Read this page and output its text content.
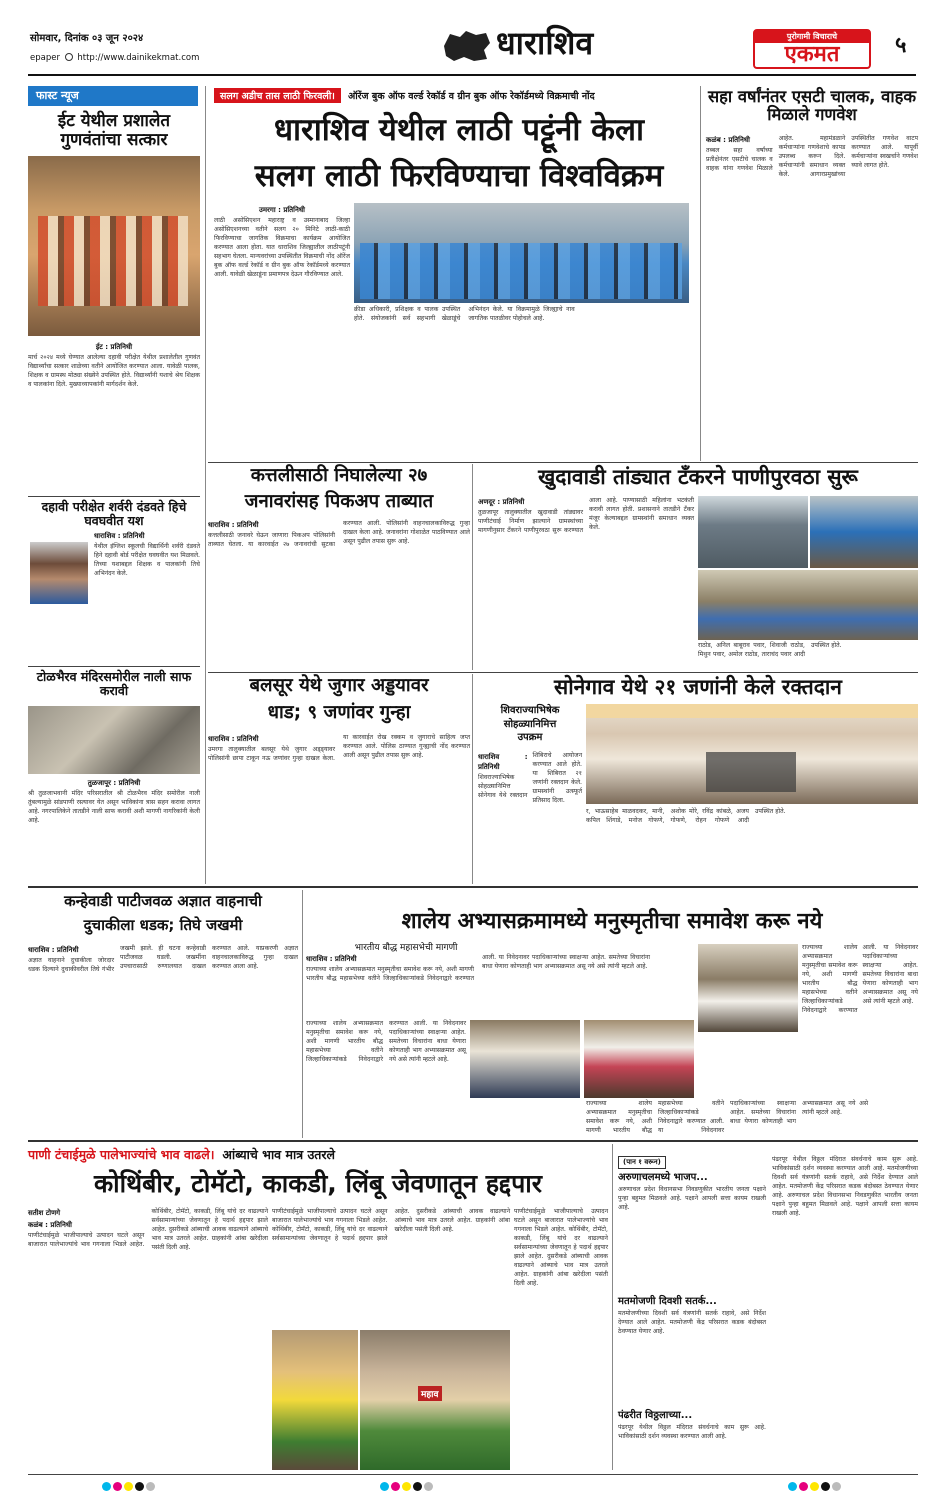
सोमवार, दिनांक ०३ जून २०२४
epaper http://www.dainikekmat.com	धाराशिव	पुरोगामी विचाराचे
एकमत	५
फास्ट न्यूज
ईट येथील प्रशालेत गुणवंतांचा सत्कार
ईट : प्रतिनिधी
मार्च २०२४ मध्ये घेण्यात आलेल्या दहावी परीक्षेत येथील प्रशालेतील गुणवंत विद्यार्थ्यांचा सत्कार शाळेच्या वतीने आयोजित करण्यात आला. यावेळी पालक, शिक्षक व ग्रामस्थ मोठ्या संख्येने उपस्थित होते. विद्यार्थ्यांनी यशाचे श्रेय शिक्षक व पालकांना दिले. मुख्याध्यापकांनी मार्गदर्शन केले.
दहावी परीक्षेत शर्वरी दंडवते हिचे घवघवीत यश
धाराशिव : प्रतिनिधी
येथील इंग्लिश स्कूलची विद्यार्थिनी शर्वरी दंडवते हिने दहावी बोर्ड परीक्षेत घवघवीत यश मिळवले. तिच्या यशाबद्दल शिक्षक व पालकांनी तिचे अभिनंदन केले.
टोळभैरव मंदिरसमोरील नाली साफ करावी
तुळजापूर : प्रतिनिधी
श्री तुळजाभवानी मंदिर परिसरातील श्री टोळभैरव मंदिर समोरील नाली तुंबल्यामुळे सांडपाणी रस्त्यावर येत असून भाविकांना त्रास सहन करावा लागत आहे. नगरपालिकेने तातडीने नाली साफ करावी अशी मागणी नागरिकांनी केली आहे.
सलग अडीच तास लाठी फिरवली। ऑरेंज बुक ऑफ वर्ल्ड रेकॉर्ड व ग्रीन बुक ऑफ रेकॉर्डमध्ये विक्रमाची नोंद
धाराशिव येथील लाठी पट्टूंनी केला
सलग लाठी फिरविण्याचा विश्वविक्रम
उमरगा : प्रतिनिधी
लाठी असोसिएशन महाराष्ट्र व उस्मानाबाद जिल्हा असोसिएशनच्या वतीने सलग २० मिनिटे लाठी-काठी फिरविण्याचा जागतिक विक्रमाचा कार्यक्रम आयोजित करण्यात आला होता. यात धाराशिव जिल्ह्यातील लाठीपटूंनी सहभाग घेतला. मान्यवरांच्या उपस्थितीत विक्रमाची नोंद ऑरेंज बुक ऑफ वर्ल्ड रेकॉर्ड व ग्रीन बुक ऑफ रेकॉर्डमध्ये करण्यात आली. यावेळी खेळाडूंना प्रमाणपत्र देऊन गौरविण्यात आले.
क्रीडा अधिकारी, प्रशिक्षक व पालक उपस्थित होते. संयोजकांनी सर्व सहभागी खेळाडूंचे अभिनंदन केले. या विक्रमामुळे जिल्ह्याचे नाव जागतिक पातळीवर पोहोचले आहे.
सहा वर्षांनंतर एसटी चालक, वाहक मिळाले गणवेश
कळंब : प्रतिनिधी
तब्बल सहा वर्षांच्या प्रतीक्षेनंतर एसटीचे चालक व वाहक यांना गणवेश मिळाले आहेत. महामंडळाने कर्मचाऱ्यांना गणवेशाचे कापड उपलब्ध करून दिले. कर्मचाऱ्यांनी समाधान व्यक्त केले. आगारप्रमुखांच्या उपस्थितीत गणवेश वाटप करण्यात आले. यापूर्वी कर्मचाऱ्यांना स्वखर्चाने गणवेश घ्यावे लागत होते.
कत्तलीसाठी निघालेल्या २७
जनावरांसह पिकअप ताब्यात
धाराशिव : प्रतिनिधी
कत्तलीसाठी जनावरे घेऊन जाणारा पिकअप पोलिसांनी ताब्यात घेतला. या कारवाईत २७ जनावरांची सुटका करण्यात आली. पोलिसांनी वाहनचालकाविरुद्ध गुन्हा दाखल केला आहे. जनावरांना गोशाळेत पाठविण्यात आले असून पुढील तपास सुरू आहे.
खुदावाडी तांड्यात टँकरने पाणीपुरवठा सुरू
अणदूर : प्रतिनिधी
तुळजापूर तालुक्यातील खुदावाडी तांड्यावर पाणीटंचाई निर्माण झाल्याने ग्रामस्थांच्या मागणीनुसार टँकरने पाणीपुरवठा सुरू करण्यात आला आहे. पाण्यासाठी महिलांना भटकंती करावी लागत होती. प्रशासनाने तातडीने टँकर मंजूर केल्याबद्दल ग्रामस्थांनी समाधान व्यक्त केले.
राठोड, अनिल बाबूराव पवार, शिवाजी राठोड, मिथुन पवार, अमोल राठोड, ताराचंद पवार आदी उपस्थित होते.
बलसूर येथे जुगार अड्डयावर
धाड; ९ जणांवर गुन्हा
धाराशिव : प्रतिनिधी
उमरगा तालुक्यातील बलसूर येथे जुगार अड्ड्यावर पोलिसांनी छापा टाकून नऊ जणांवर गुन्हा दाखल केला. या कारवाईत रोख रक्कम व जुगाराचे साहित्य जप्त करण्यात आले. पोलिस ठाण्यात गुन्ह्याची नोंद करण्यात आली असून पुढील तपास सुरू आहे.
सोनेगाव येथे २१ जणांनी केले रक्तदान
शिवराज्याभिषेक
सोहळ्यानिमित्त
उपक्रम
धाराशिव : प्रतिनिधी
शिवराज्याभिषेक सोहळ्यानिमित्त सोनेगाव येथे रक्तदान शिबिराचे आयोजन करण्यात आले होते. या शिबिरात २१ जणांनी रक्तदान केले. ग्रामस्थांनी उत्स्फूर्त प्रतिसाद दिला.
र, भाऊसाहेब माळवदकर, मानी, कपिल शिंगाडे, मनोज गोफणे, अशोक मोरे, रविंद्र कांबळे, अजय गोफणे, रोहन गोफणे आदी उपस्थित होते.
कन्हेवाडी पाटीजवळ अज्ञात वाहनाची
दुचाकीला धडक; तिघे जखमी
धाराशिव : प्रतिनिधी
अज्ञात वाहनाने दुचाकीला जोरदार धडक दिल्याने दुचाकीवरील तिघे गंभीर जखमी झाले. ही घटना कन्हेवाडी पाटीजवळ घडली. जखमींना उपचारासाठी रुग्णालयात दाखल करण्यात आले. याप्रकरणी अज्ञात वाहनचालकाविरुद्ध गुन्हा दाखल करण्यात आला आहे.
शालेय अभ्यासक्रमामध्ये मनुस्मृतीचा समावेश करू नये
भारतीय बौद्ध महासभेची मागणी
धाराशिव : प्रतिनिधी
राज्याच्या शालेय अभ्यासक्रमात मनुस्मृतीचा समावेश करू नये, अशी मागणी भारतीय बौद्ध महासभेच्या वतीने जिल्हाधिकाऱ्यांकडे निवेदनाद्वारे करण्यात आली. या निवेदनावर पदाधिकाऱ्यांच्या स्वाक्षऱ्या आहेत. समतेच्या विचारांना बाधा येणारा कोणताही भाग अभ्यासक्रमात असू नये असे त्यांनी म्हटले आहे.
राज्याच्या शालेय अभ्यासक्रमात मनुस्मृतीचा समावेश करू नये, अशी मागणी भारतीय बौद्ध महासभेच्या वतीने जिल्हाधिकाऱ्यांकडे निवेदनाद्वारे करण्यात आली. या निवेदनावर पदाधिकाऱ्यांच्या स्वाक्षऱ्या आहेत. समतेच्या विचारांना बाधा येणारा कोणताही भाग अभ्यासक्रमात असू नये असे त्यांनी म्हटले आहे.
राज्याच्या शालेय अभ्यासक्रमात मनुस्मृतीचा समावेश करू नये, अशी मागणी भारतीय बौद्ध महासभेच्या वतीने जिल्हाधिकाऱ्यांकडे निवेदनाद्वारे करण्यात आली. या निवेदनावर पदाधिकाऱ्यांच्या स्वाक्षऱ्या आहेत. समतेच्या विचारांना बाधा येणारा कोणताही भाग अभ्यासक्रमात असू नये असे त्यांनी म्हटले आहे.
राज्याच्या शालेय अभ्यासक्रमात मनुस्मृतीचा समावेश करू नये, अशी मागणी भारतीय बौद्ध महासभेच्या वतीने जिल्हाधिकाऱ्यांकडे निवेदनाद्वारे करण्यात आली. या निवेदनावर पदाधिकाऱ्यांच्या स्वाक्षऱ्या आहेत. समतेच्या विचारांना बाधा येणारा कोणताही भाग अभ्यासक्रमात असू नये असे त्यांनी म्हटले आहे.
पाणी टंचाईमुळे पालेभाज्यांचे भाव वाढले। आंब्याचे भाव मात्र उतरले
कोथिंबीर, टोमॅटो, काकडी, लिंबू जेवणातून हद्दपार
सतीश टोणगे
कळंब : प्रतिनिधी
पाणीटंचाईमुळे भाजीपाल्याचे उत्पादन घटले असून बाजारात पालेभाज्यांचे भाव गगनाला भिडले आहेत. कोथिंबीर, टोमॅटो, काकडी, लिंबू यांचे दर वाढल्याने सर्वसामान्यांच्या जेवणातून हे पदार्थ हद्दपार झाले आहेत. दुसरीकडे आंब्याची आवक वाढल्याने आंब्याचे भाव मात्र उतरले आहेत. ग्राहकांनी आंबा खरेदीला पसंती दिली आहे.
महाव
पाणीटंचाईमुळे भाजीपाल्याचे उत्पादन घटले असून बाजारात पालेभाज्यांचे भाव गगनाला भिडले आहेत. कोथिंबीर, टोमॅटो, काकडी, लिंबू यांचे दर वाढल्याने सर्वसामान्यांच्या जेवणातून हे पदार्थ हद्दपार झाले आहेत. दुसरीकडे आंब्याची आवक वाढल्याने आंब्याचे भाव मात्र उतरले आहेत. ग्राहकांनी आंबा खरेदीला पसंती दिली आहे.
पाणीटंचाईमुळे भाजीपाल्याचे उत्पादन घटले असून बाजारात पालेभाज्यांचे भाव गगनाला भिडले आहेत. कोथिंबीर, टोमॅटो, काकडी, लिंबू यांचे दर वाढल्याने सर्वसामान्यांच्या जेवणातून हे पदार्थ हद्दपार झाले आहेत. दुसरीकडे आंब्याची आवक वाढल्याने आंब्याचे भाव मात्र उतरले आहेत. ग्राहकांनी आंबा खरेदीला पसंती दिली आहे.
(पान १ वरून)
अरुणाचलमध्ये भाजप...
अरुणाचल प्रदेश विधानसभा निवडणुकीत भारतीय जनता पक्षाने पुन्हा बहुमत मिळवले आहे. पक्षाने आपली सत्ता कायम राखली आहे.
मतमोजणी दिवशी सतर्क...
मतमोजणीच्या दिवशी सर्व यंत्रणांनी सतर्क राहावे, असे निर्देश देण्यात आले आहेत. मतमोजणी केंद्र परिसरात कडक बंदोबस्त ठेवण्यात येणार आहे.
पंढरीत विठ्ठलाच्या...
पंढरपूर येथील विठ्ठल मंदिरात संवर्धनाचे काम सुरू आहे. भाविकांसाठी दर्शन व्यवस्था करण्यात आली आहे.
पंढरपूर येथील विठ्ठल मंदिरात संवर्धनाचे काम सुरू आहे. भाविकांसाठी दर्शन व्यवस्था करण्यात आली आहे. मतमोजणीच्या दिवशी सर्व यंत्रणांनी सतर्क राहावे, असे निर्देश देण्यात आले आहेत. मतमोजणी केंद्र परिसरात कडक बंदोबस्त ठेवण्यात येणार आहे. अरुणाचल प्रदेश विधानसभा निवडणुकीत भारतीय जनता पक्षाने पुन्हा बहुमत मिळवले आहे. पक्षाने आपली सत्ता कायम राखली आहे.
